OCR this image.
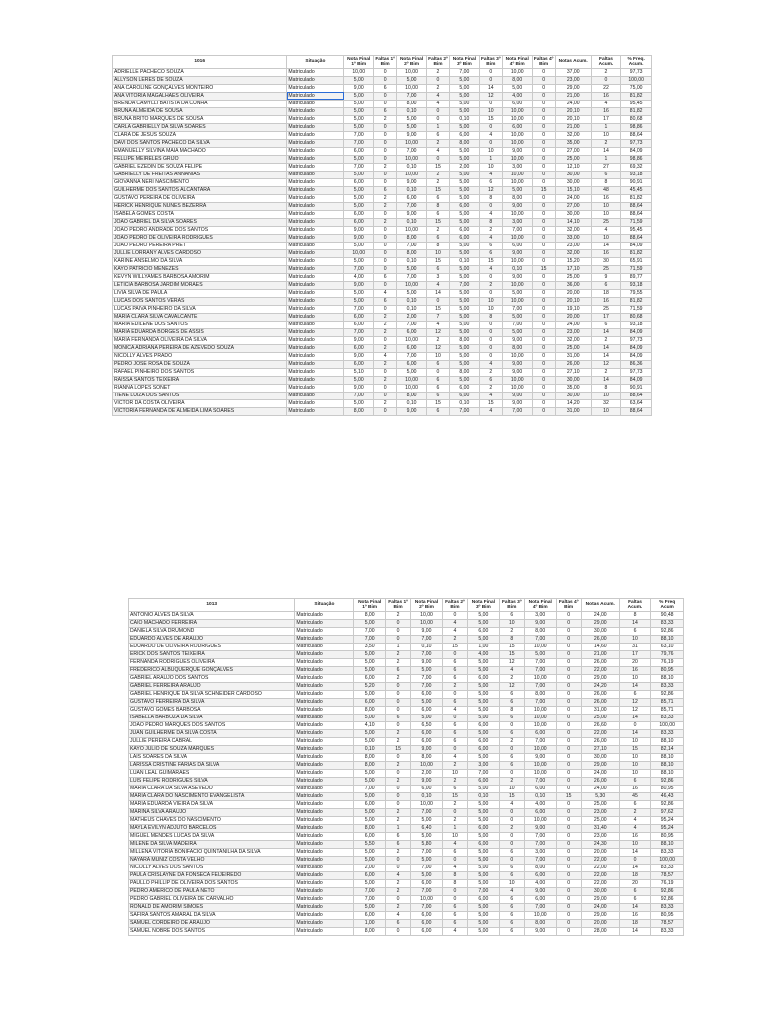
1016	Situação	Nota Final 1º Bim	Faltas 1º Bim	Nota Final 2º Bim	Faltas 2º Bim	Nota Final 3º Bim	Faltas 3º Bim	Nota Final 4º Bim	Faltas 4º Bim	Notas Acum.	Faltas Acum.	% Freq. Acum.
ADRIELLE PACHECO SOUZA	Matriculado	10,00	0	10,00	2	7,00	0	10,00	0	37,00	2	97,73
ALLYSON LERES DE SOUZA	Matriculado	5,00	0	5,00	0	5,00	0	8,00	0	23,00	0	100,00
ANA CAROLINE GONÇALVES MONTEIRO	Matriculado	9,00	6	10,00	2	5,00	14	5,00	0	29,00	22	75,00
ANA VITÓRIA MAGALHÃES OLIVEIRA	Matriculado	5,00	0	7,00	4	5,00	12	4,00	0	21,00	16	81,82
BRENDA CAMYLLI BATISTA DA CUNHA	Matriculado	5,00	0	8,00	4	5,00	0	6,00	0	24,00	4	95,45
BRUNA ALMEIDA DE SOUSA	Matriculado	5,00	6	0,10	0	5,00	10	10,00	0	20,10	16	81,82
BRUNA BRITO MARQUES DE SOUSA	Matriculado	5,00	2	5,00	0	0,10	15	10,00	0	20,10	17	80,68
CARLA GABRIELLY DA SILVA SOARES	Matriculado	5,00	0	5,00	1	5,00	0	6,00	0	21,00	1	98,86
CLARA DE JESUS SOUZA	Matriculado	7,00	0	9,00	6	6,00	4	10,00	0	32,00	10	88,64
DAVI DOS SANTOS PACHECO DA SILVA	Matriculado	7,00	0	10,00	2	8,00	0	10,00	0	35,00	2	97,73
EMANUELLY SILVINA MAIA MACHADO	Matriculado	6,00	0	7,00	4	5,00	10	9,00	0	27,00	14	84,09
FELLIPE MEIRELES GRIJÓ	Matriculado	5,00	0	10,00	0	5,00	1	10,00	0	25,00	1	98,86
GABRIEL EZEDIN DE SOUZA FELIPE	Matriculado	7,00	2	0,10	15	2,00	10	3,00	0	12,10	27	69,32
GABRIELLY DE FREITAS ANNANIAS	Matriculado	5,00	0	10,00	2	5,00	4	10,00	0	30,00	6	93,18
GIOVANNA NERI NASCIMENTO	Matriculado	6,00	0	9,00	2	5,00	6	10,00	0	30,00	8	90,91
GUILHERME DOS SANTOS ALCANTARA	Matriculado	5,00	6	0,10	15	5,00	12	5,00	15	15,10	48	45,45
GUSTAVO PEREIRA DE OLIVEIRA	Matriculado	5,00	2	6,00	6	5,00	8	8,00	0	24,00	16	81,82
HERICK HENRIQUE NUNES BEZERRA	Matriculado	5,00	2	7,00	8	6,00	0	9,00	0	27,00	10	88,64
ISABELA GOMES COSTA	Matriculado	6,00	0	9,00	6	5,00	4	10,00	0	30,00	10	88,64
JOÃO GABRIEL DA SILVA SOARES	Matriculado	6,00	2	0,10	15	5,00	8	3,00	0	14,10	25	71,59
JOÃO PEDRO ANDRADE DOS SANTOS	Matriculado	9,00	0	10,00	2	6,00	2	7,00	0	32,00	4	95,45
JOÃO PEDRO DE OLIVEIRA RODRIGUES	Matriculado	9,00	0	8,00	6	6,00	4	10,00	0	33,00	10	88,64
JOAO PEDRO PEREIRA PRET	Matriculado	5,00	0	7,00	8	5,00	6	6,00	0	23,00	14	84,09
JULLIE LORRANY ALVES CARDOSO	Matriculado	10,00	0	8,00	10	5,00	6	9,00	0	32,00	16	81,82
KARINE ANSELMO DA SILVA	Matriculado	5,00	0	0,10	15	0,10	15	10,00	0	15,20	30	65,91
KAYO PATRICIO MENEZES	Matriculado	7,00	0	5,00	6	5,00	4	0,10	15	17,10	25	71,59
KEVYN WILLYAMES BARBOSA AMORIM	Matriculado	4,00	6	7,00	3	5,00	0	9,00	0	25,00	9	89,77
LETICIA BARBOSA JARDIM MORAES	Matriculado	9,00	0	10,00	4	7,00	2	10,00	0	36,00	6	93,18
LÍVIA SILVA DE PAULA	Matriculado	5,00	4	5,00	14	5,00	0	5,00	0	20,00	18	79,55
LUCAS DOS SANTOS VERAS	Matriculado	5,00	6	0,10	0	5,00	10	10,00	0	20,10	16	81,82
LUCAS PAIVA PINHEIRO DA SILVA	Matriculado	7,00	0	0,10	15	5,00	10	7,00	0	19,10	25	71,59
MARIA CLARA SILVA CAVALCANTE	Matriculado	6,00	2	2,00	7	5,00	8	5,00	0	20,00	17	80,68
MARIA EDILENE DOS SANTOS	Matriculado	6,00	2	7,00	4	5,00	0	7,00	0	24,00	6	93,18
MARIA EDUARDA BORGES DE ASSIS	Matriculado	7,00	2	6,00	12	5,00	0	5,00	0	23,00	14	84,09
MARIA FERNANDA OLIVEIRA DA SILVA	Matriculado	9,00	0	10,00	2	8,00	0	9,00	0	32,00	2	97,73
MÔNICA ADRIANA PEREIRA DE AZEVEDO SOUZA	Matriculado	6,00	2	6,00	12	5,00	0	8,00	0	25,00	14	84,09
NICOLLY ALVES PRADO	Matriculado	9,00	4	7,00	10	5,00	0	10,00	0	31,00	14	84,09
PEDRO JOSÉ ROSA DE SOUZA	Matriculado	6,00	2	6,00	6	5,00	4	9,00	0	26,00	12	86,36
RAFAEL PINHEIRO DOS SANTOS	Matriculado	5,10	0	5,00	0	8,00	2	9,00	0	27,10	2	97,73
RAISSA SANTOS TEIXEIRA	Matriculado	5,00	2	10,00	6	5,00	6	10,00	0	30,00	14	84,09
RIANNA LOPES SONET	Matriculado	9,00	0	10,00	6	6,00	2	10,00	0	35,00	8	90,91
TIENE LUIZA DOS SANTOS	Matriculado	7,00	0	8,00	6	6,00	4	9,00	0	30,00	10	88,64
VICTOR DA COSTA OLIVEIRA	Matriculado	5,00	2	0,10	15	0,10	15	9,00	0	14,20	32	63,64
VICTORIA FERNANDA DE ALMEIDA LIMA SOARES	Matriculado	8,00	0	9,00	6	7,00	4	7,00	0	31,00	10	88,64
1013	Situação	Nota Final 1º Bim	Faltas 1º Bim	Nota Final 2º Bim	Faltas 2º Bim	Nota Final 3º Bim	Faltas 3º Bim	Nota Final 4º Bim	Faltas 4º Bim	Notas Acum.	Faltas Acum.	% Freq Acum
ANTÔNIO ALVES DA SILVA	Matriculado	8,00	2	10,00	0	5,00	6	3,00	0	24,00	8	90,48
CAIO MACHADO FERREIRA	Matriculado	5,00	0	10,00	4	5,00	10	9,00	0	29,00	14	83,33
DANIELA SILVA DRUMOND	Matriculado	7,00	0	9,00	4	6,00	2	8,00	0	30,00	6	92,86
EDUARDO ALVES DE ARAÚJO	Matriculado	7,00	0	7,00	2	5,00	8	7,00	0	26,00	10	88,10
EDUARDO DE OLIVEIRA RODRIGUES	Matriculado	3,50	1	0,10	15	1,00	15	10,00	0	14,60	31	63,10
ERICK DOS SANTOS TEIXEIRA	Matriculado	5,00	2	7,00	0	4,00	15	5,00	0	21,00	17	79,76
FERNANDA RODRIGUES OLIVEIRA	Matriculado	5,00	2	9,00	6	5,00	12	7,00	0	26,00	20	76,19
FREDERICO ALBUQUERQUE GONÇALVES	Matriculado	5,00	6	5,00	6	5,00	4	7,00	0	22,00	16	80,95
GABRIEL ARAUJO DOS SANTOS	Matriculado	6,00	2	7,00	6	6,00	2	10,00	0	29,00	10	88,10
GABRIEL FERREIRA ARAUJO	Matriculado	5,20	0	7,00	2	5,00	12	7,00	0	24,20	14	83,33
GABRIEL HENRIQUE DA SILVA SCHNEIDER CARDOSO	Matriculado	5,00	0	6,00	0	5,00	6	8,00	0	26,00	6	92,86
GUSTAVO FERREIRA DA SILVA	Matriculado	6,00	0	5,00	6	5,00	6	7,00	0	26,00	12	85,71
GUSTAVO GOMES BARBOSA	Matriculado	8,00	0	6,00	4	5,00	8	10,00	0	31,00	12	85,71
ISABELLA BARBOZA DA SILVA	Matriculado	5,00	6	5,00	0	5,00	6	10,00	0	25,00	14	83,33
JOÃO PEDRO MARQUES DOS SANTOS	Matriculado	4,10	0	6,50	6	6,00	0	10,00	0	26,60	0	100,00
JUAN GUILHERME DA SILVA COSTA	Matriculado	5,00	2	6,00	6	5,00	6	6,00	0	22,00	14	83,33
JULLIE PEREIRA CABRAL	Matriculado	5,00	2	6,00	6	6,00	2	7,00	0	26,00	10	88,10
KAYO JULIO DE SOUZA MARQUES	Matriculado	0,10	15	9,00	0	6,00	0	10,00	0	27,10	15	82,14
LAIS SOARES DA SILVA	Matriculado	8,00	0	8,00	4	5,00	6	9,00	0	30,00	10	88,10
LARISSA CRISTINE FARIAS DA SILVA	Matriculado	8,00	2	10,00	2	3,00	6	10,00	0	29,00	10	88,10
LUAN LEAL GUIMARÃES	Matriculado	5,00	0	2,00	10	7,00	0	10,00	0	24,00	10	88,10
LUIS FELIPE RODRIGUES SILVA	Matriculado	5,00	2	9,00	2	6,00	2	7,00	0	26,00	6	92,86
MARIA CLARA DA SILVA ASEVEDO	Matriculado	7,00	0	6,00	6	5,00	10	6,00	0	24,00	16	80,95
MARIA CLARA DO NASCIMENTO EVANGELISTA	Matriculado	5,00	0	0,10	15	0,10	15	0,10	15	5,30	45	46,43
MARIA EDUARDA VIEIRA DA SILVA	Matriculado	6,00	0	10,00	2	5,00	4	4,00	0	25,00	6	92,86
MARINA SILVA ARAUJO	Matriculado	5,00	2	7,00	0	5,00	0	6,00	0	23,00	2	97,62
MATHEUS CHAVES DO NASCIMENTO	Matriculado	5,00	2	5,00	2	5,00	0	10,00	0	25,00	4	95,24
MAYLA EVILYN ADJUTO BARCELOS	Matriculado	8,00	1	6,40	1	6,00	2	9,00	0	31,40	4	95,24
MIGUEL MENDES LUCAS DA SILVA	Matriculado	6,00	6	5,00	10	5,00	0	7,00	0	23,00	16	80,95
MILENE DA SILVA MADEIRA	Matriculado	5,50	6	5,80	4	6,00	0	7,00	0	24,30	10	88,10
MILLENA VITÓRIA BONIFACIO QUINTANILHA DA SILVA	Matriculado	5,00	2	7,00	6	5,00	6	3,00	0	20,00	14	83,33
NAYARA MUNIZ COSTA VELHO	Matriculado	5,00	0	5,00	0	5,00	0	7,00	0	22,00	0	100,00
NICOLLY ALVES DOS SANTOS	Matriculado	2,00	0	7,00	4	5,00	6	8,00	0	22,00	14	83,33
PAULA CRISLAYNE DA FONSECA FEIJEIREDO	Matriculado	6,00	4	5,00	8	5,00	6	6,00	0	22,00	18	78,57
PAULLO PHILLIP DE OLIVEIRA DOS SANTOS	Matriculado	5,00	2	6,00	8	5,00	10	4,00	0	22,00	20	76,19
PEDRO AMERICO DE PAULA NETO	Matriculado	7,00	2	7,00	0	7,00	4	9,00	0	30,00	6	92,86
PEDRO GABRIEL OLIVEIRA DE CARVALHO	Matriculado	7,00	0	10,00	0	6,00	6	6,00	0	29,00	6	92,86
RONALD DE AMORIM SIMÕES	Matriculado	5,00	2	7,00	6	5,00	6	7,00	0	24,00	14	83,33
SAFIRA SANTOS AMARAL DA SILVA	Matriculado	6,00	4	6,00	6	5,00	6	10,00	0	29,00	16	80,95
SAMUEL CORDEIRO DE ARAÚJO	Matriculado	1,00	6	6,00	6	5,00	6	8,00	0	20,00	18	78,57
SAMUEL NOBRE DOS SANTOS	Matriculado	8,00	0	6,00	4	5,00	6	9,00	0	28,00	14	83,33
